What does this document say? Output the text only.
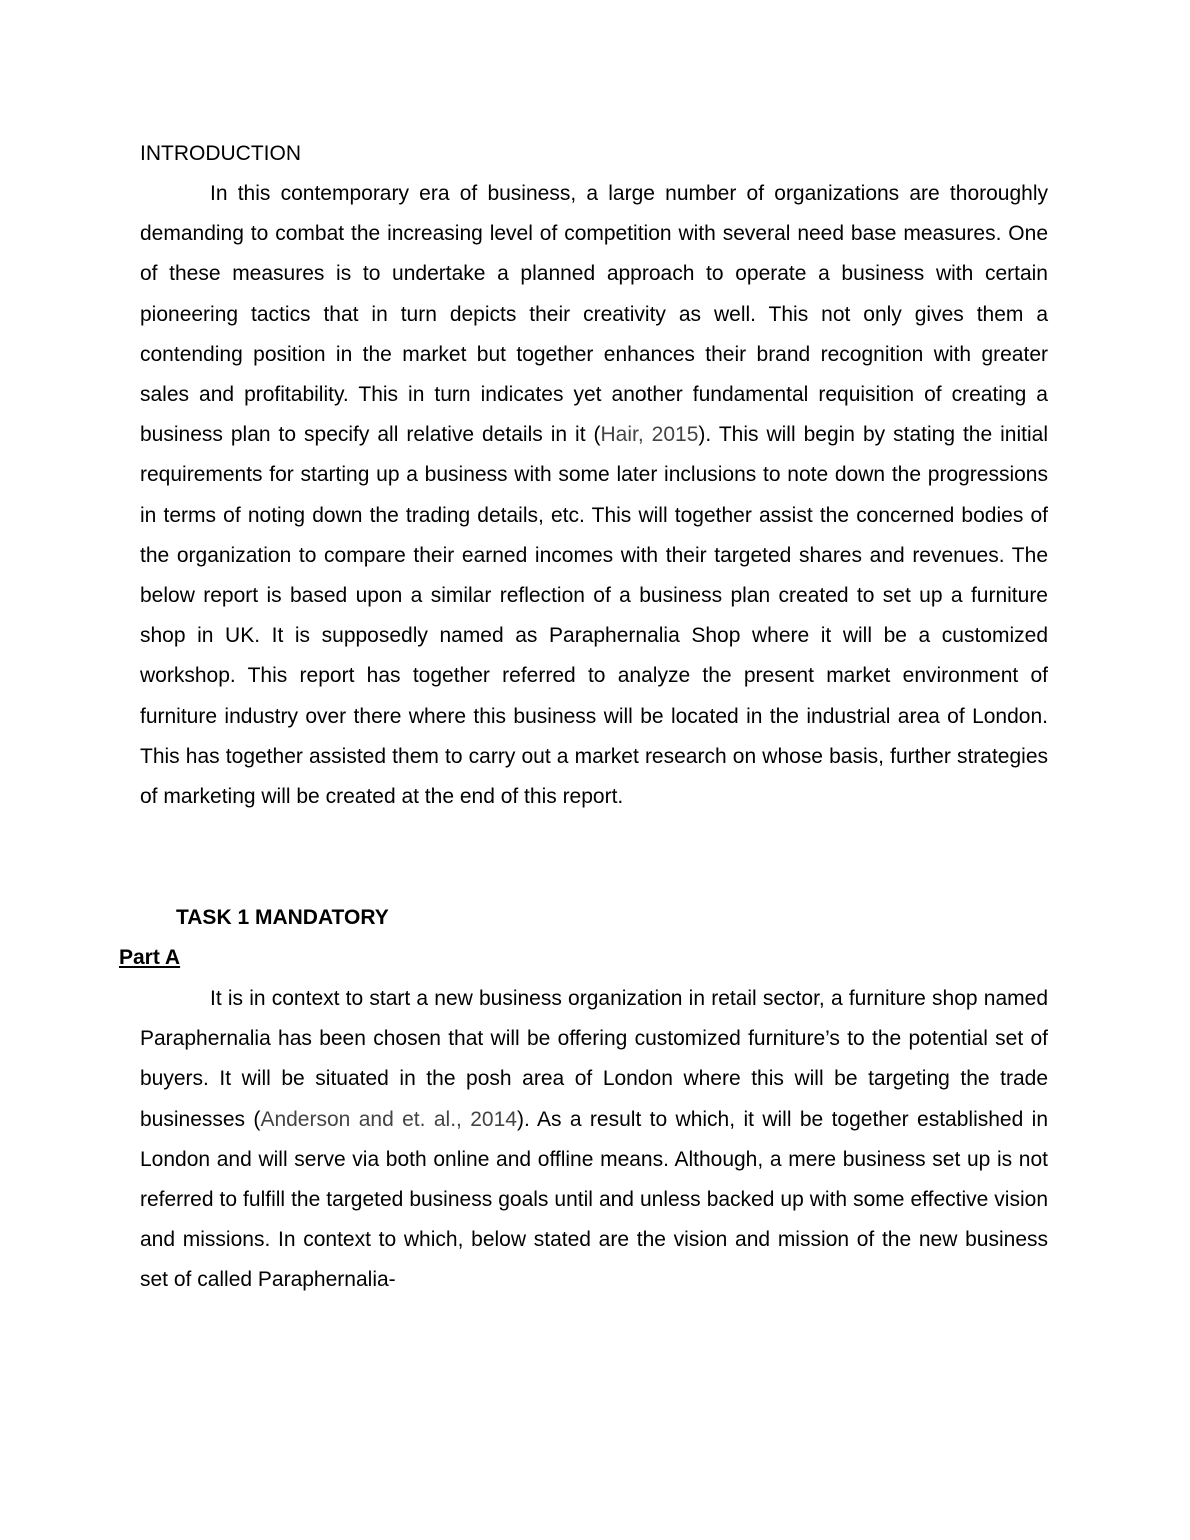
INTRODUCTION

In this contemporary era of business, a large number of organizations are thoroughly demanding to combat the increasing level of competition with several need base measures. One of these measures is to undertake a planned approach to operate a business with certain pioneering tactics that in turn depicts their creativity as well. This not only gives them a contending position in the market but together enhances their brand recognition with greater sales and profitability. This in turn indicates yet another fundamental requisition of creating a business plan to specify all relative details in it (Hair, 2015). This will begin by stating the initial requirements for starting up a business with some later inclusions to note down the progressions in terms of noting down the trading details, etc. This will together assist the concerned bodies of the organization to compare their earned incomes with their targeted shares and revenues. The below report is based upon a similar reflection of a business plan created to set up a furniture shop in UK. It is supposedly named as Paraphernalia Shop where it will be a customized workshop. This report has together referred to analyze the present market environment of furniture industry over there where this business will be located in the industrial area of London. This has together assisted them to carry out a market research on whose basis, further strategies of marketing will be created at the end of this report.

TASK 1 MANDATORY

Part A

It is in context to start a new business organization in retail sector, a furniture shop named Paraphernalia has been chosen that will be offering customized furniture’s to the potential set of buyers. It will be situated in the posh area of London where this will be targeting the trade businesses (Anderson and et. al., 2014). As a result to which, it will be together established in London and will serve via both online and offline means. Although, a mere business set up is not referred to fulfill the targeted business goals until and unless backed up with some effective vision and missions. In context to which, below stated are the vision and mission of the new business set of called Paraphernalia-
